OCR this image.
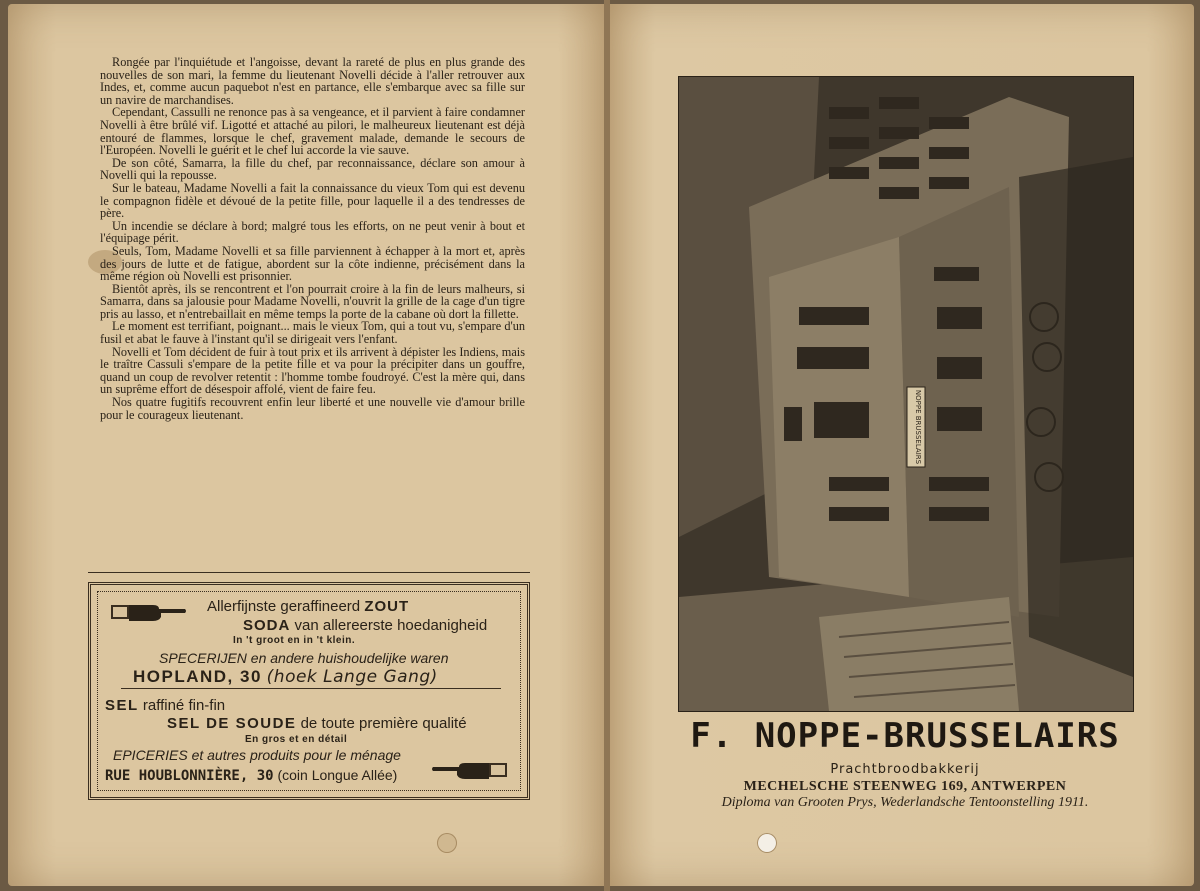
Rongée par l'inquiétude et l'angoisse, devant la rareté de plus en plus grande des nouvelles de son mari, la femme du lieutenant Novelli décide à l'aller retrouver aux Indes, et, comme aucun paquebot n'est en partance, elle s'embarque avec sa fille sur un navire de marchandises.

Cependant, Cassulli ne renonce pas à sa vengeance, et il parvient à faire condamner Novelli à être brûlé vif. Ligotté et attaché au pilori, le malheureux lieutenant est déjà entouré de flammes, lorsque le chef, gravement malade, demande le secours de l'Européen. Novelli le guérit et le chef lui accorde la vie sauve.

De son côté, Samarra, la fille du chef, par reconnaissance, déclare son amour à Novelli qui la repousse.

Sur le bateau, Madame Novelli a fait la connaissance du vieux Tom qui est devenu le compagnon fidèle et dévoué de la petite fille, pour laquelle il a des tendresses de père.

Un incendie se déclare à bord; malgré tous les efforts, on ne peut venir à bout et l'équipage périt.

Seuls, Tom, Madame Novelli et sa fille parviennent à échapper à la mort et, après des jours de lutte et de fatigue, abordent sur la côte indienne, précisément dans la même région où Novelli est prisonnier.

Bientôt après, ils se rencontrent et l'on pourrait croire à la fin de leurs malheurs, si Samarra, dans sa jalousie pour Madame Novelli, n'ouvrit la grille de la cage d'un tigre pris au lasso, et n'entrebaillait en même temps la porte de la cabane où dort la fillette.

Le moment est terrifiant, poignant... mais le vieux Tom, qui a tout vu, s'empare d'un fusil et abat le fauve à l'instant qu'il se dirigeait vers l'enfant.

Novelli et Tom décident de fuir à tout prix et ils arrivent à dépister les Indiens, mais le traître Cassuli s'empare de la petite fille et va pour la précipiter dans un gouffre, quand un coup de revolver retentit : l'homme tombe foudroyé. C'est la mère qui, dans un suprême effort de désespoir affolé, vient de faire feu.

Nos quatre fugitifs recouvrent enfin leur liberté et une nouvelle vie d'amour brille pour le courageux lieutenant.

Allerfijnste geraffineerd ZOUT
SODA van allereerste hoedanigheid
In 't groot en in 't klein.
SPECERIJEN en andere huishoudelijke waren
HOPLAND, 30 (hoek Lange Gang)
SEL raffiné fin-fin
SEL DE SOUDE de toute première qualité
En gros et en détail
EPICERIES et autres produits pour le ménage
RUE HOUBLONNIÈRE, 30 (coin Longue Allée)
NOPPE BRUSSELAIRS
F. NOPPE-BRUSSELAIRS
Prachtbroodbakkerij
MECHELSCHE STEENWEG 169, ANTWERPEN
Diploma van Grooten Prys, Wederlandsche Tentoonstelling 1911.
